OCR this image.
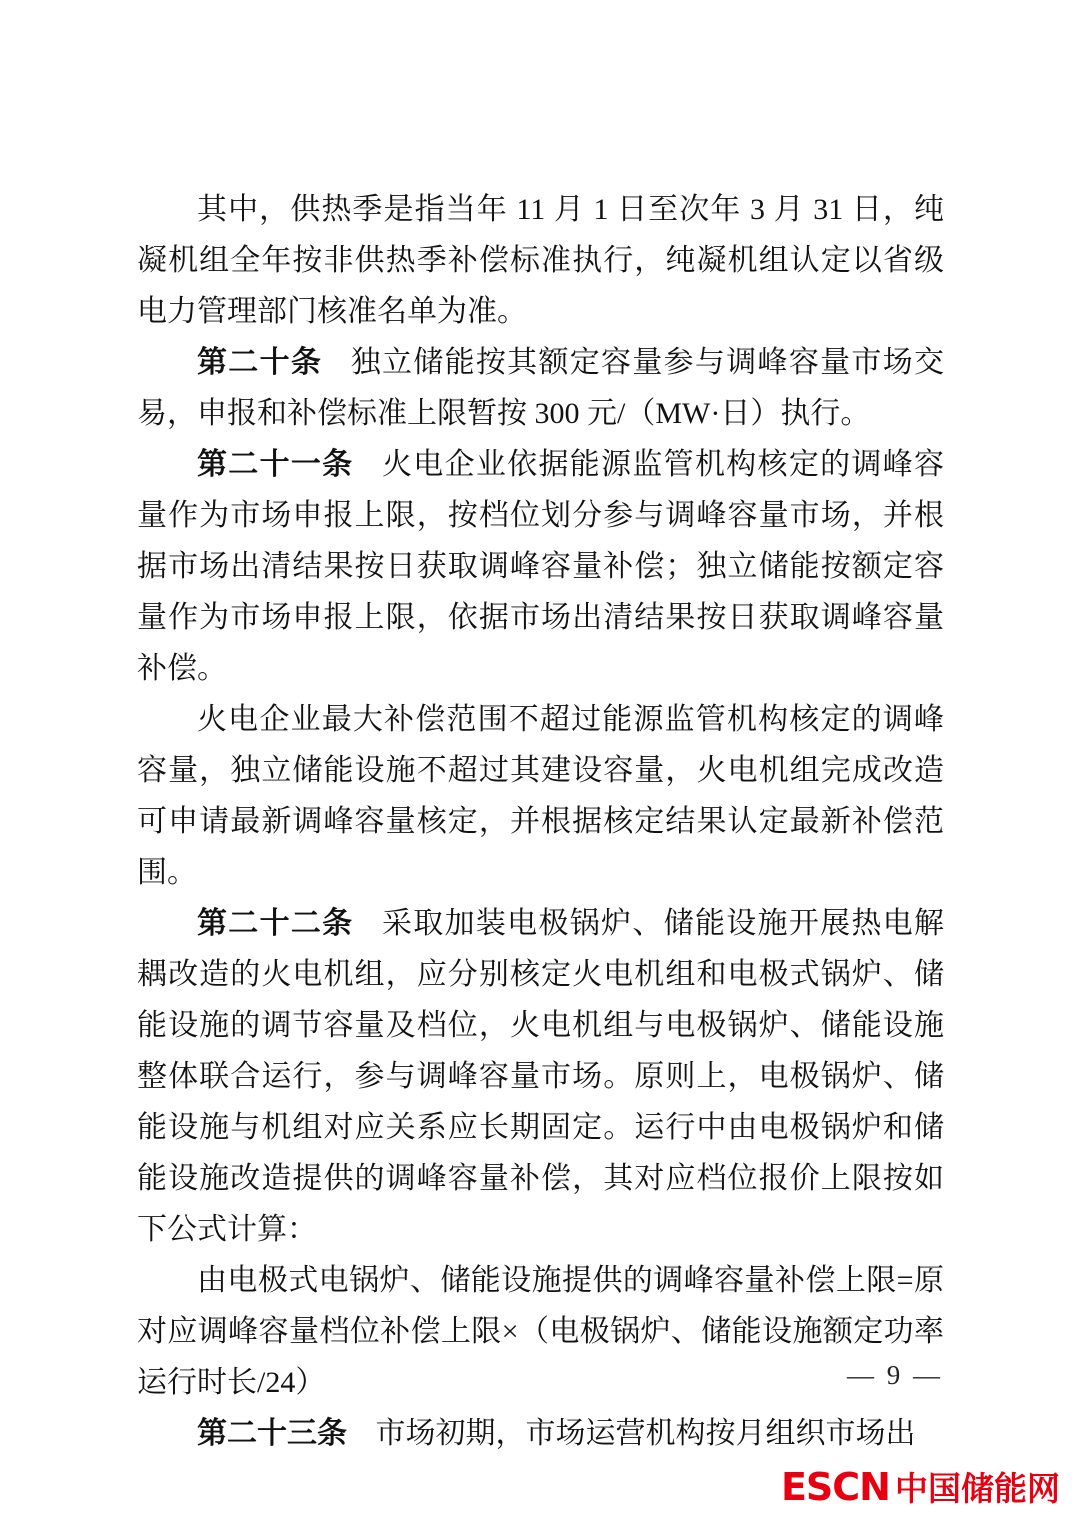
其中，供热季是指当年 11 月 1 日至次年 3 月 31 日，纯凝机组全年按非供热季补偿标准执行，纯凝机组认定以省级电力管理部门核准名单为准。

第二十条 独立储能按其额定容量参与调峰容量市场交易，申报和补偿标准上限暂按 300 元/（MW·日）执行。

第二十一条 火电企业依据能源监管机构核定的调峰容量作为市场申报上限，按档位划分参与调峰容量市场，并根据市场出清结果按日获取调峰容量补偿；独立储能按额定容量作为市场申报上限，依据市场出清结果按日获取调峰容量补偿。

火电企业最大补偿范围不超过能源监管机构核定的调峰容量，独立储能设施不超过其建设容量，火电机组完成改造可申请最新调峰容量核定，并根据核定结果认定最新补偿范围。

第二十二条 采取加装电极锅炉、储能设施开展热电解耦改造的火电机组，应分别核定火电机组和电极式锅炉、储能设施的调节容量及档位，火电机组与电极锅炉、储能设施整体联合运行，参与调峰容量市场。原则上，电极锅炉、储能设施与机组对应关系应长期固定。运行中由电极锅炉和储能设施改造提供的调峰容量补偿，其对应档位报价上限按如下公式计算：

由电极式电锅炉、储能设施提供的调峰容量补偿上限=原对应调峰容量档位补偿上限×（电极锅炉、储能设施额定功率运行时长/24）

第二十三条 市场初期，市场运营机构按月组织市场出

— 9 —
ESCN 中国储能网
